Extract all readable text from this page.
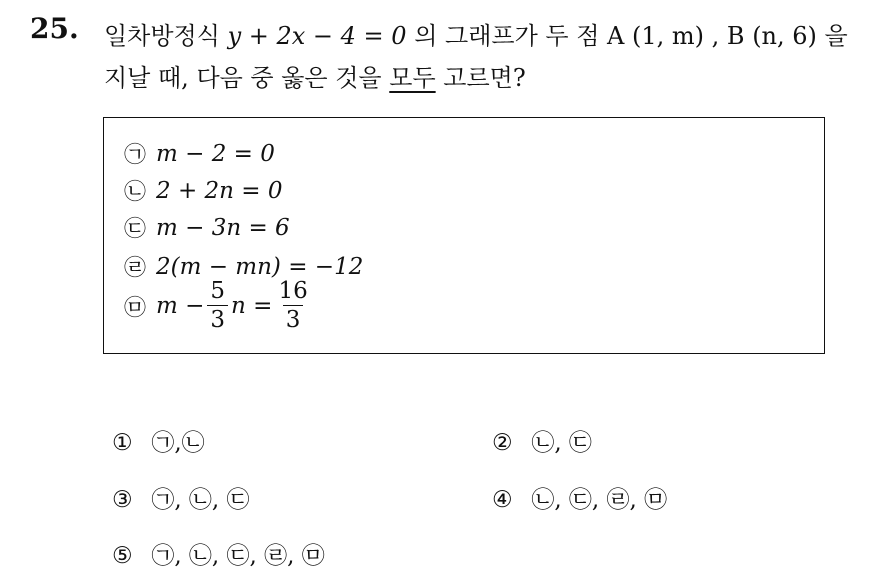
25. 일차방정식 y + 2x − 4 = 0 의 그래프가 두 점 A (1, m) , B (n, 6) 을
지날 때, 다음 중 옳은 것을 모두 고르면?
㉠ m − 2 = 0
㉡ 2 + 2n = 0
㉢ m − 3n = 6
㉣ 2(m − mn) = −12
㉤ $m - \frac{5}{3}$ $n = \frac{16}{3}$
① ㉠,㉡	② ㉡, ㉢
③ ㉠, ㉡, ㉢	④ ㉡, ㉢, ㉣, ㉤
⑤ ㉠, ㉡, ㉢, ㉣, ㉤
